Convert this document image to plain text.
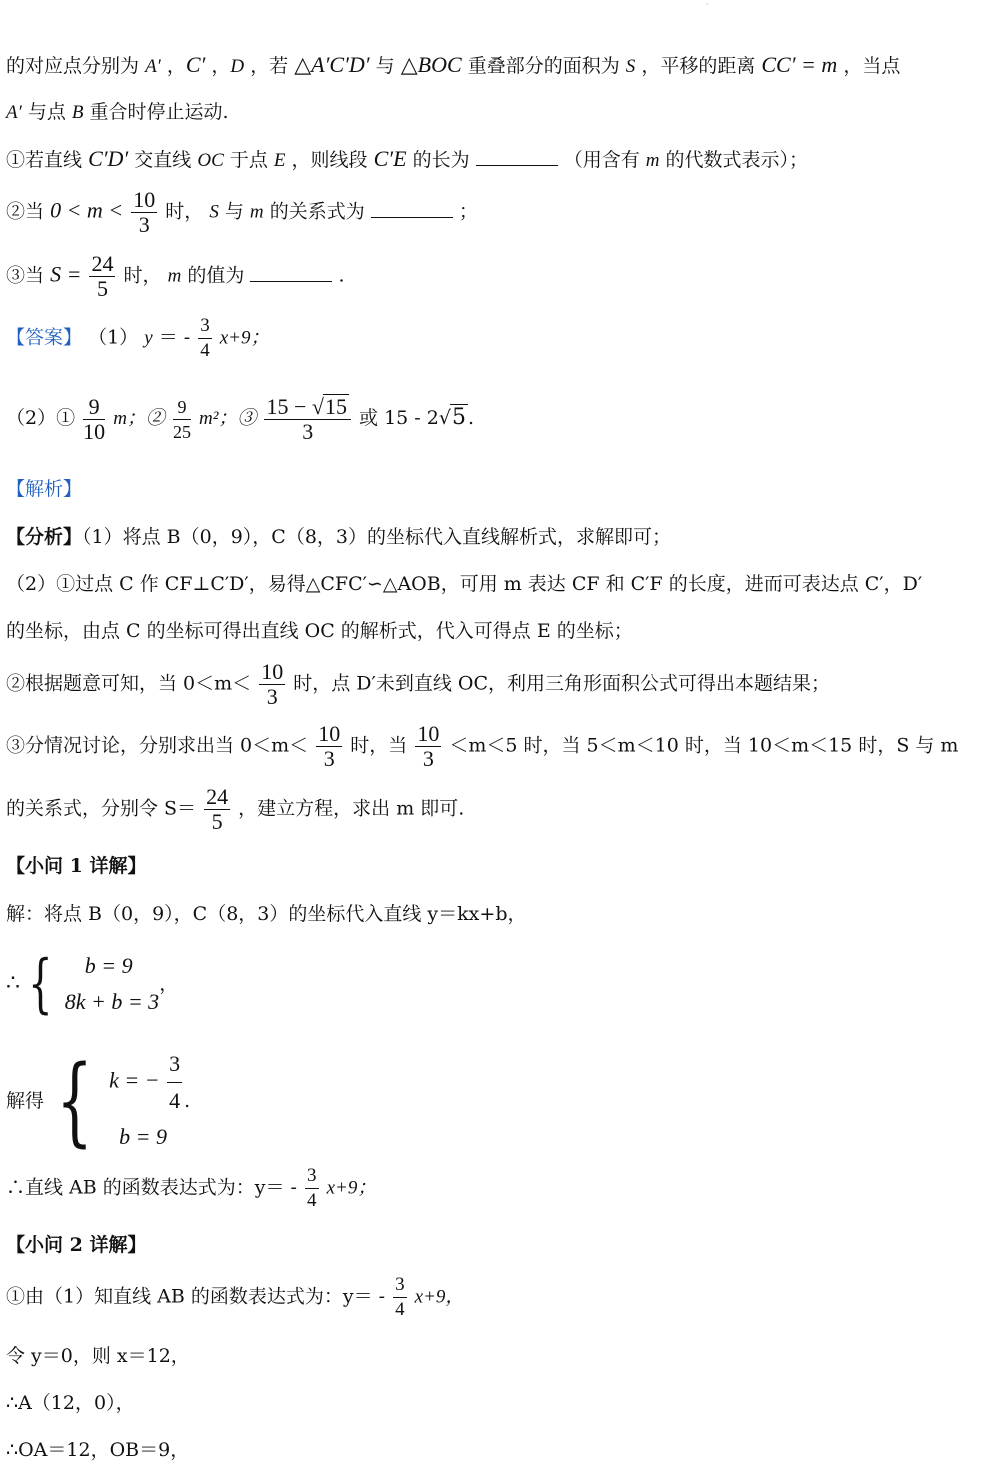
·
的对应点分别为 A′ ，C′ ，D ，若 △A′C′D′ 与 △BOC 重叠部分的面积为 S ，平移的距离 CC′ = m ，当点
A′ 与点 B 重合时停止运动.
①若直线 C′D′ 交直线 OC 于点 E ，则线段 C′E 的长为	（用含有 m 的代数式表示）；
②当 $0 < m < \frac{10}{3}$ 时， S 与 m 的关系式为	；
③当 $S = \frac{24}{5}$ 时， m 的值为	.
【答案】 （1） y ＝ - $\frac{3}{4} x+9$；
（2）① $\frac{9}{10}$ m；② $\frac{9}{25} m^2$；③ $\frac{15 - √15}{3}$ 或 15 - 2√5 .
【解析】
【分析】（1）将点 B（0，9），C（8，3）的坐标代入直线解析式，求解即可；
（2）①过点 C 作 CF⊥C′D′，易得△CFC′∽△AOB，可用 m 表达 CF 和 C′F 的长度，进而可表达点 C′，D′
的坐标，由点 C 的坐标可得出直线 OC 的解析式，代入可得点 E 的坐标；
②根据题意可知，当 $0<m< \frac{10}{3}$ 时，点 D′未到直线 OC，利用三角形面积公式可得出本题结果；
③分情况讨论，分别求出当 $0<m< \frac{10}{3}$ 时，当 $\frac{10}{3} <m<5$ 时，当 5＜m＜10 时，当 10＜m＜15 时，S 与 m
的关系式，分别令 $S= \frac{24}{5}$ ，建立方程，求出 m 即可.
【小问 1 详解】
解：将点 B（0，9），C（8，3）的坐标代入直线 y＝kx+b，
∴ {	b = 9
8k + b = 3
，
解得 { k = − $\frac{3}{4}$
b = 9
.
∴直线 AB 的函数表达式为：$y= - \frac{3}{4} x+9$；
【小问 2 详解】
①由（1）知直线 AB 的函数表达式为：$y= - \frac{3}{4} x+9$，
令 y＝0，则 x＝12，
∴A（12，0），
∴OA＝12，OB＝9，
